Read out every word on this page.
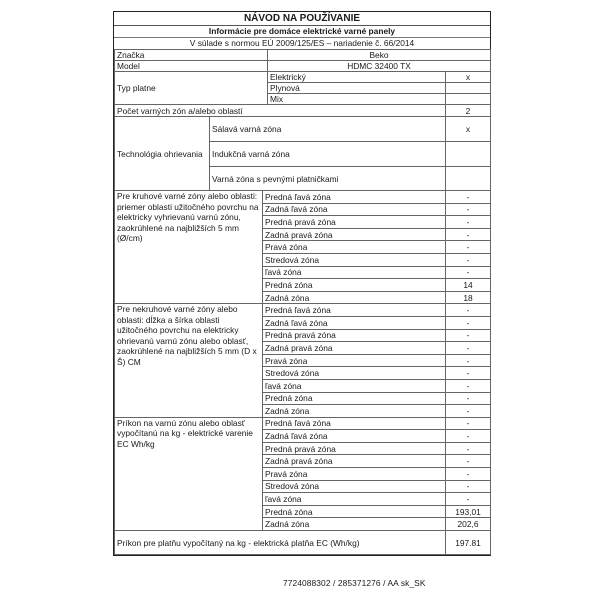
NÁVOD NA POUŽÍVANIE
Informácie pre domáce elektrické varné panely
V súlade s normou EÚ 2009/125/ES – nariadenie č. 66/2014
Značka	Beko	
Model	HDMC 32400 TX	
Typ platne	Elektrický	x
	Plynová	
	Mix	
Počet varných zón a/alebo oblastí		2
Technológia ohrievania	Sálavá varná zóna	x
	Indukčná varná zóna	
	Varná zóna s pevnými platničkami	
Pre kruhové varné zóny alebo oblasti: priemer oblasti užitočného povrchu na elektricky vyhrievanú varnú zónu, zaokrúhlené na najbližších 5 mm (Ø/cm)	Predná ľavá zóna	-
	Zadná ľavá zóna	-
	Predná pravá zóna	-
	Zadná pravá zóna	-
	Pravá zóna	-
	Stredová zóna	-
	ľavá zóna	-
	Predná zóna	14
	Zadná zóna	18
Pre nekruhové varné zóny alebo oblasti: dĺžka a šírka oblasti užitočného povrchu na elektricky ohrievanú varnú zónu alebo oblasť, zaokrúhlené na najbližších 5 mm (D x Š) CM	Predná ľavá zóna	-
	Zadná ľavá zóna	-
	Predná pravá zóna	-
	Zadná pravá zóna	-
	Pravá zóna	-
	Stredová zóna	-
	ľavá zóna	-
	Predná zóna	-
	Zadná zóna	-
Príkon na varnú zónu alebo oblasť vypočítanú na kg - elektrické varenie EC Wh/kg	Predná ľavá zóna	-
	Zadná ľavá zóna	-
	Predná pravá zóna	-
	Zadná pravá zóna	-
	Pravá zóna	-
	Stredová zóna	-
	ľavá zóna	-
	Predná zóna	193,01
	Zadná zóna	202,6
Príkon pre platňu vypočítaný na kg - elektrická platňa EC (Wh/kg)		197.81
7724088302 / 285371276 / AA sk_SK
